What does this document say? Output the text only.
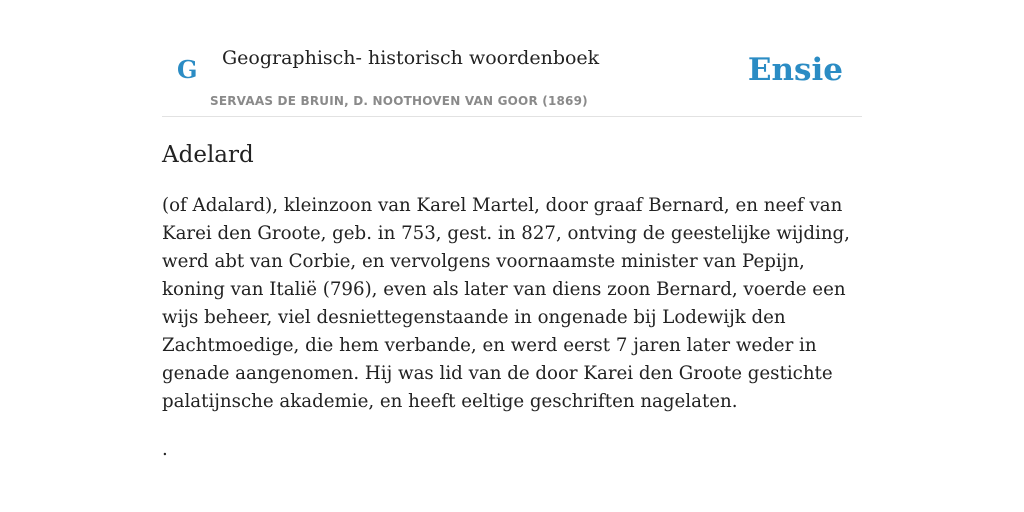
G Geographisch- historisch woordenboek
SERVAAS DE BRUIN, D. NOOTHOVEN VAN GOOR (1869)
Ensie
Adelard

(of Adalard), kleinzoon van Karel Martel, door graaf Bernard, en neef van Karei den Groote, geb. in 753, gest. in 827, ontving de geestelijke wijding, werd abt van Corbie, en vervolgens voornaamste minister van Pepijn, koning van Italië (796), even als later van diens zoon Bernard, voerde een wijs beheer, viel desniettegenstaande in ongenade bij Lodewijk den Zachtmoedige, die hem verbande, en werd eerst 7 jaren later weder in genade aangenomen. Hij was lid van de door Karei den Groote gestichte palatijnsche akademie, en heeft eeltige geschriften nagelaten.

.
